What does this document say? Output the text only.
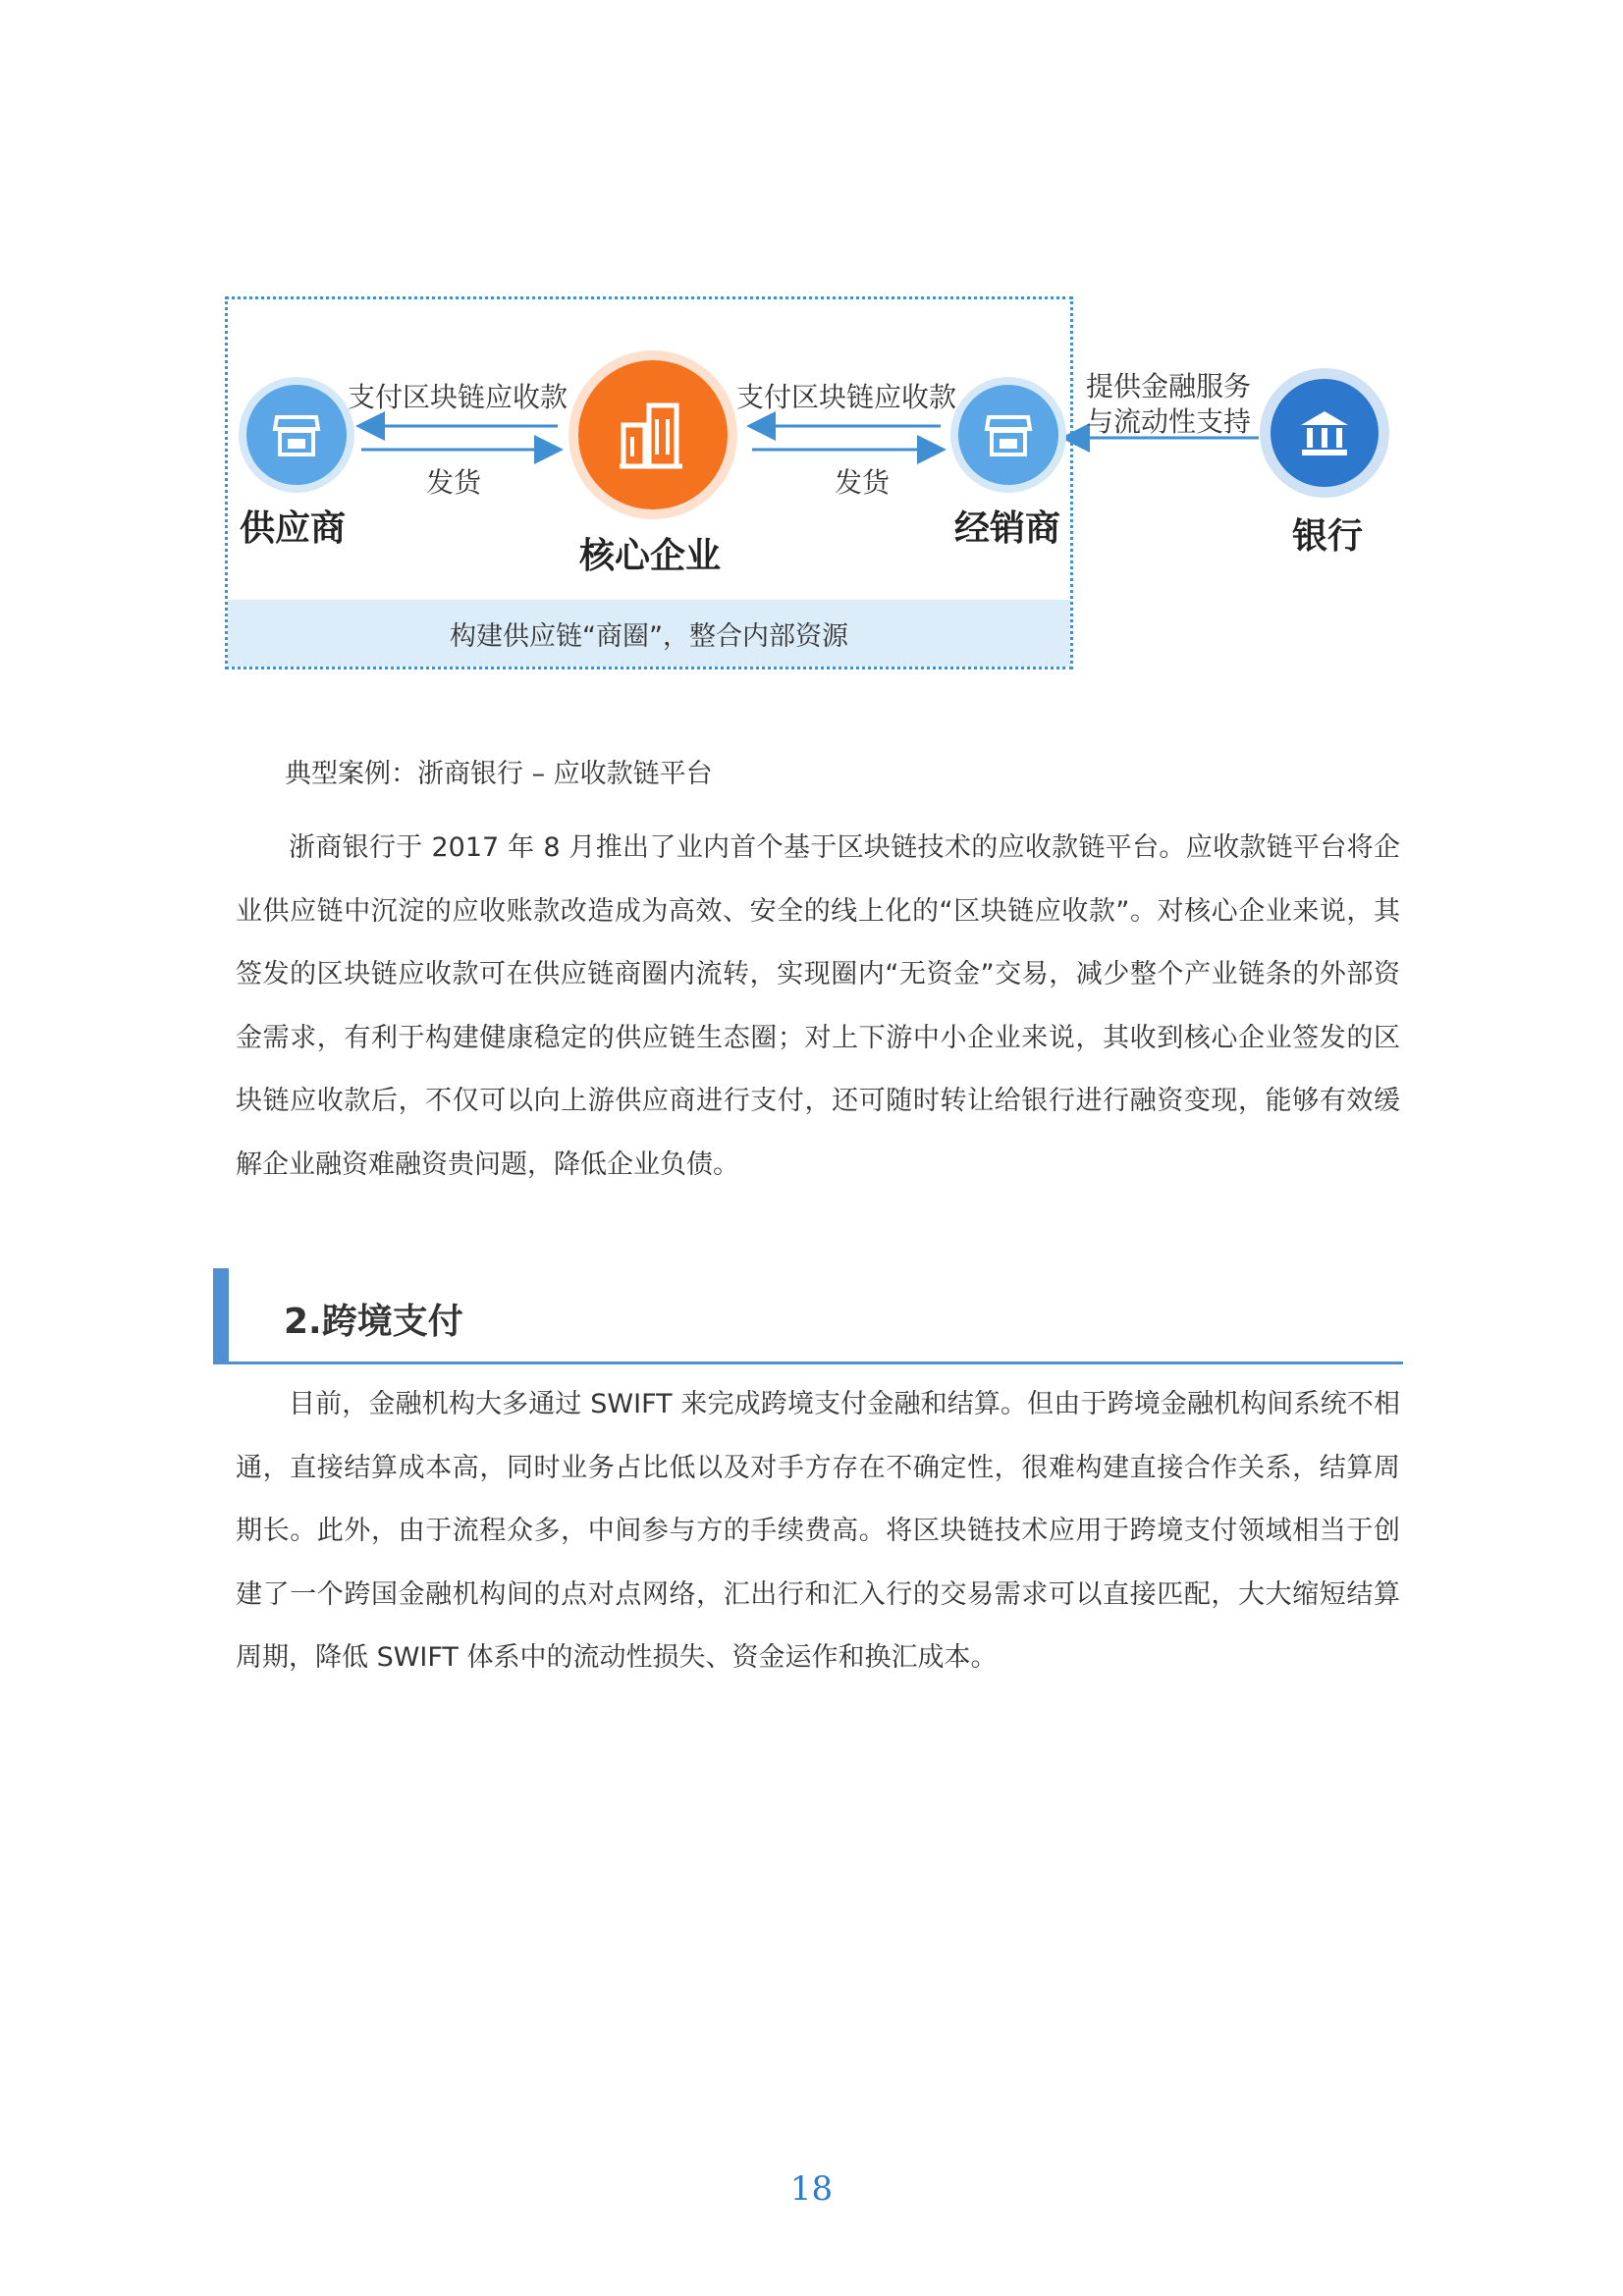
构建供应链“商圈”，整合内部资源
供应商
核心企业
经销商	银行
支付区块链应收款
发货
支付区块链应收款
发货
提供金融服务
与流动性支持
典型案例：浙商银行 – 应收款链平台
浙商银行于 2017 年 8 月推出了业内首个基于区块链技术的应收款链平台。应收款链平台将企业供应链中沉淀的应收账款改造成为高效、安全的线上化的“区块链应收款”。对核心企业来说，其签发的区块链应收款可在供应链商圈内流转，实现圈内“无资金”交易，减少整个产业链条的外部资金需求，有利于构建健康稳定的供应链生态圈；对上下游中小企业来说，其收到核心企业签发的区块链应收款后，不仅可以向上游供应商进行支付，还可随时转让给银行进行融资变现，能够有效缓解企业融资难融资贵问题，降低企业负债。
2.跨境支付
目前，金融机构大多通过 SWIFT 来完成跨境支付金融和结算。但由于跨境金融机构间系统不相通，直接结算成本高，同时业务占比低以及对手方存在不确定性，很难构建直接合作关系，结算周期长。此外，由于流程众多，中间参与方的手续费高。将区块链技术应用于跨境支付领域相当于创建了一个跨国金融机构间的点对点网络，汇出行和汇入行的交易需求可以直接匹配，大大缩短结算周期，降低 SWIFT 体系中的流动性损失、资金运作和换汇成本。
18
